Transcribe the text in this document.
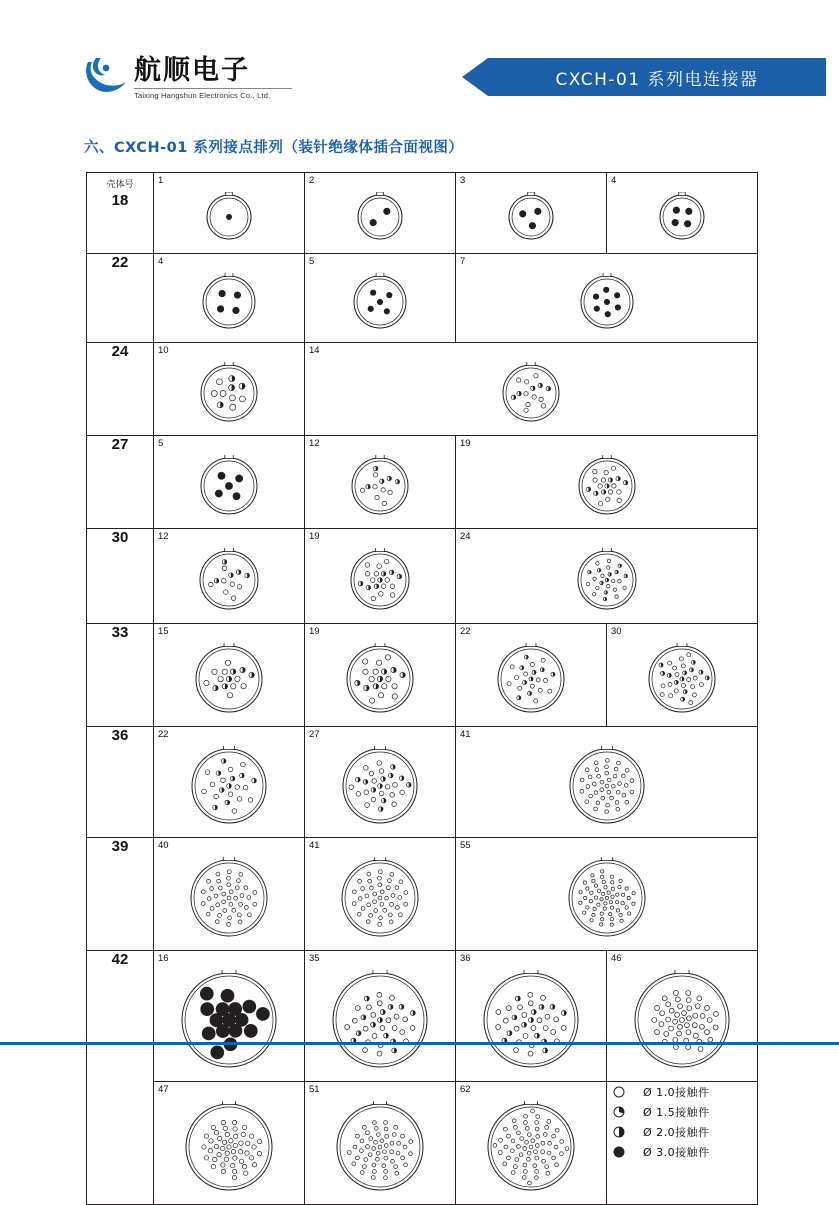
航顺电子
Taixing Hangshun Electronics Co., Ltd.
CXCH-01 系列电连接器
六、CXCH-01 系列接点排列（装针绝缘体插合面视图）
壳体号
18	1	2	3	4

22	4	5	7	

24	10	14		

27	5	12	19	

30	12	19	24	

33	15	19	22	30

36	22	27	41	

39	40	41	55	

42	16	35	36	46

	47	51	62	Ø 1.0接触件
Ø 1.5接触件
Ø 2.0接触件
Ø 3.0接触件
